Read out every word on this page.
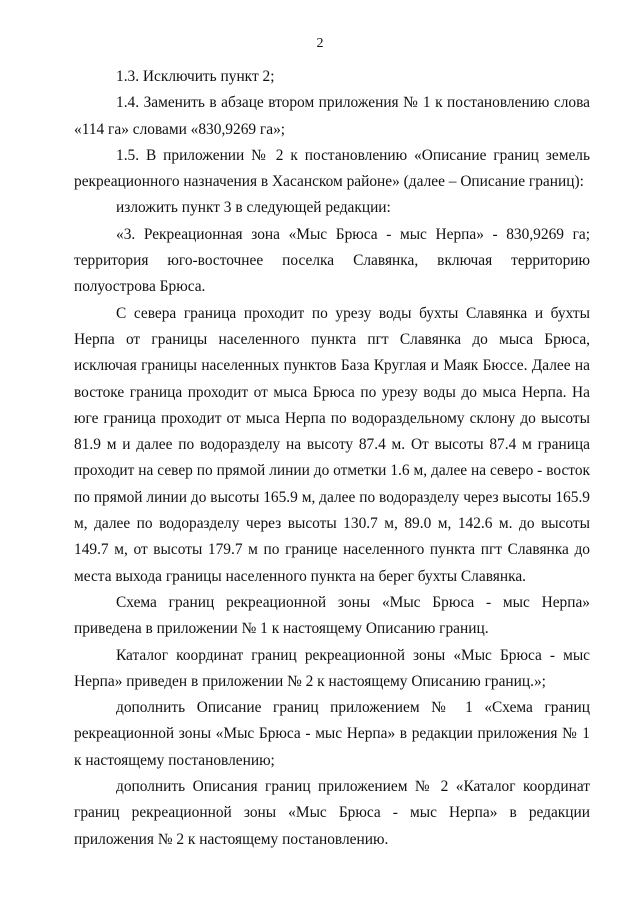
2

1.3. Исключить пункт 2;

1.4. Заменить в абзаце втором приложения № 1 к постановлению слова «114 га» словами «830,9269 га»;

1.5. В приложении № 2 к постановлению «Описание границ земель рекреационного назначения в Хасанском районе» (далее – Описание границ):

изложить пункт 3 в следующей редакции:

«3. Рекреационная зона «Мыс Брюса - мыс Нерпа» - 830,9269 га; территория юго-восточнее поселка Славянка, включая территорию полуострова Брюса.

С севера граница проходит по урезу воды бухты Славянка и бухты Нерпа от границы населенного пункта пгт Славянка до мыса Брюса, исключая границы населенных пунктов База Круглая и Маяк Бюссе. Далее на востоке граница проходит от мыса Брюса по урезу воды до мыса Нерпа. На юге граница проходит от мыса Нерпа по водораздельному склону до высоты 81.9 м и далее по водоразделу на высоту 87.4 м. От высоты 87.4 м граница проходит на север по прямой линии до отметки 1.6 м, далее на северо - восток по прямой линии до высоты 165.9 м, далее по водоразделу через высоты 165.9 м, далее по водоразделу через высоты 130.7 м, 89.0 м, 142.6 м. до высоты 149.7 м, от высоты 179.7 м по границе населенного пункта пгт Славянка до места выхода границы населенного пункта на берег бухты Славянка.

Схема границ рекреационной зоны «Мыс Брюса - мыс Нерпа» приведена в приложении № 1 к настоящему Описанию границ.

Каталог координат границ рекреационной зоны «Мыс Брюса - мыс Нерпа» приведен в приложении № 2 к настоящему Описанию границ.»;

дополнить Описание границ приложением № 1 «Схема границ рекреационной зоны «Мыс Брюса - мыс Нерпа» в редакции приложения № 1 к настоящему постановлению;

дополнить Описания границ приложением № 2 «Каталог координат границ рекреационной зоны «Мыс Брюса - мыс Нерпа» в редакции приложения № 2 к настоящему постановлению.
